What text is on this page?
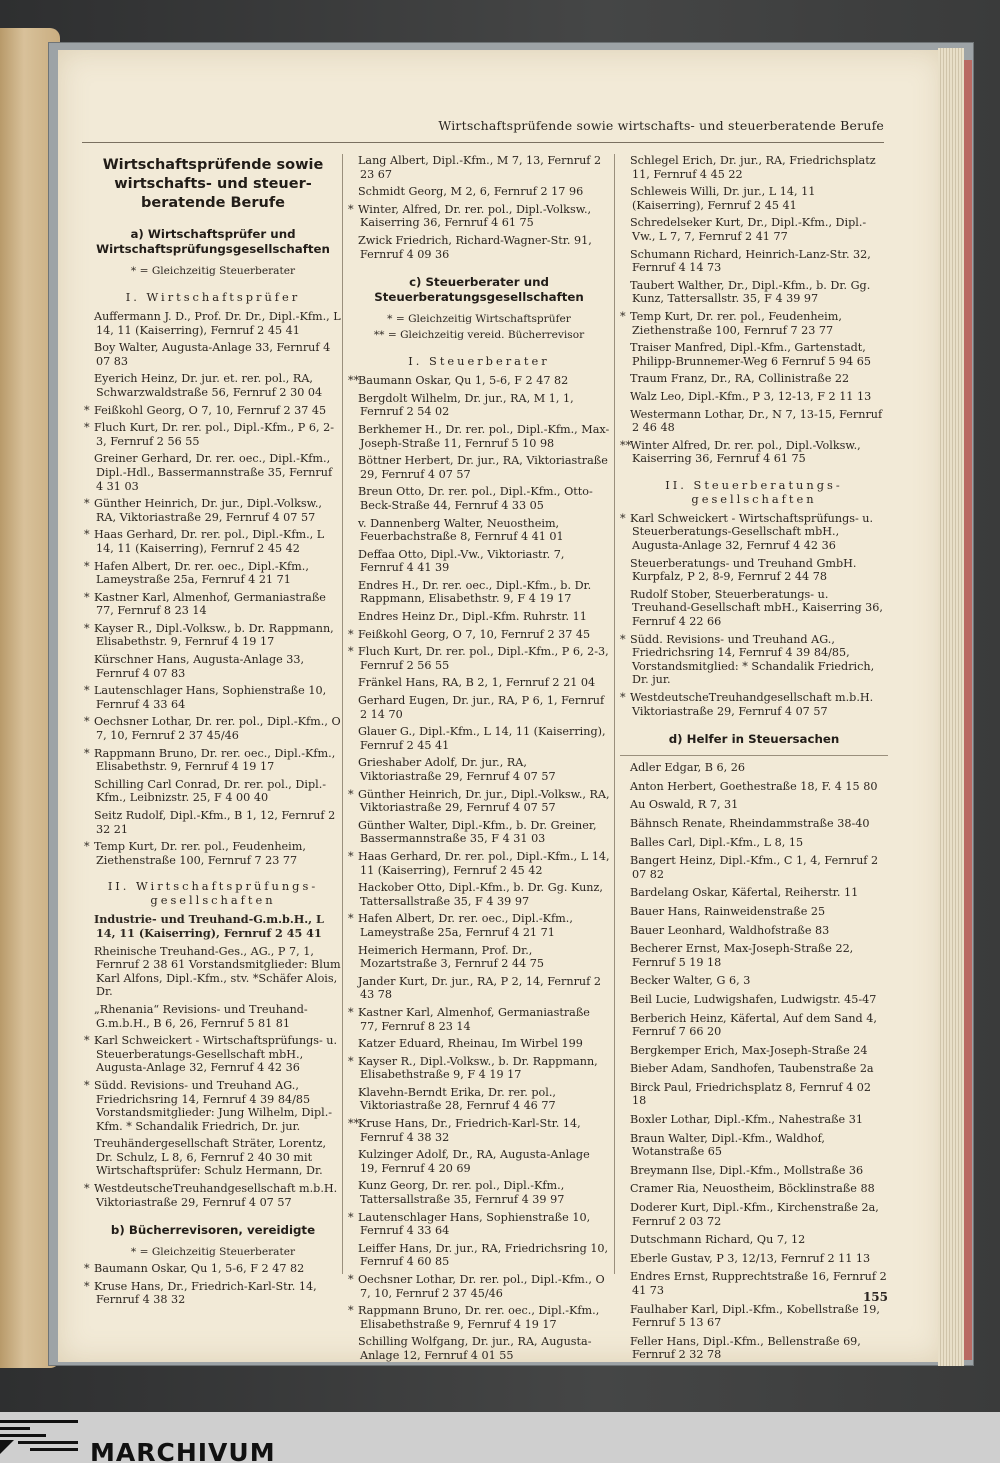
Wirtschaftsprüfende sowie wirtschafts- und steuerberatende Berufe
Wirtschaftsprüfende sowie wirtschafts- und steuer-beratende Berufe
a) Wirtschaftsprüfer und Wirtschaftsprüfungsgesellschaften
* = Gleichzeitig Steuerberater
I. Wirtschaftsprüfer
Auffermann J. D., Prof. Dr. Dr., Dipl.-Kfm., L 14, 11 (Kaiserring), Fernruf 2 45 41
Boy Walter, Augusta-Anlage 33, Fernruf 4 07 83
Eyerich Heinz, Dr. jur. et. rer. pol., RA, Schwarzwaldstraße 56, Fernruf 2 30 04
* Feißkohl Georg, O 7, 10, Fernruf 2 37 45
* Fluch Kurt, Dr. rer. pol., Dipl.-Kfm., P 6, 2-3, Fernruf 2 56 55
Greiner Gerhard, Dr. rer. oec., Dipl.-Kfm., Dipl.-Hdl., Bassermannstraße 35, Fernruf 4 31 03
* Günther Heinrich, Dr. jur., Dipl.-Volksw., RA, Viktoriastraße 29, Fernruf 4 07 57
* Haas Gerhard, Dr. rer. pol., Dipl.-Kfm., L 14, 11 (Kaiserring), Fernruf 2 45 42
* Hafen Albert, Dr. rer. oec., Dipl.-Kfm., Lameystraße 25a, Fernruf 4 21 71
* Kastner Karl, Almenhof, Germaniastraße 77, Fernruf 8 23 14
* Kayser R., Dipl.-Volksw., b. Dr. Rappmann, Elisabethstr. 9, Fernruf 4 19 17
Kürschner Hans, Augusta-Anlage 33, Fernruf 4 07 83
* Lautenschlager Hans, Sophienstraße 10, Fernruf 4 33 64
* Oechsner Lothar, Dr. rer. pol., Dipl.-Kfm., O 7, 10, Fernruf 2 37 45/46
* Rappmann Bruno, Dr. rer. oec., Dipl.-Kfm., Elisabethstr. 9, Fernruf 4 19 17
Schilling Carl Conrad, Dr. rer. pol., Dipl.-Kfm., Leibnizstr. 25, F 4 00 40
Seitz Rudolf, Dipl.-Kfm., B 1, 12, Fernruf 2 32 21
* Temp Kurt, Dr. rer. pol., Feudenheim, Ziethenstraße 100, Fernruf 7 23 77
II. Wirtschaftsprüfungs-gesellschaften
Industrie- und Treuhand-G.m.b.H., L 14, 11 (Kaiserring), Fernruf 2 45 41
Rheinische Treuhand-Ges., AG., P 7, 1, Fernruf 2 38 61 Vorstandsmitglieder: Blum Karl Alfons, Dipl.-Kfm., stv. *Schäfer Alois, Dr.
„Rhenania“ Revisions- und Treuhand-G.m.b.H., B 6, 26, Fernruf 5 81 81
* Karl Schweickert - Wirtschaftsprüfungs- u. Steuerberatungs-Gesellschaft mbH., Augusta-Anlage 32, Fernruf 4 42 36
* Südd. Revisions- und Treuhand AG., Friedrichsring 14, Fernruf 4 39 84/85 Vorstandsmitglieder: Jung Wilhelm, Dipl.-Kfm. * Schandalik Friedrich, Dr. jur.
Treuhändergesellschaft Sträter, Lorentz, Dr. Schulz, L 8, 6, Fernruf 2 40 30 mit Wirtschaftsprüfer: Schulz Hermann, Dr.
* WestdeutscheTreuhandgesellschaft m.b.H. Viktoriastraße 29, Fernruf 4 07 57
b) Bücherrevisoren, vereidigte
* = Gleichzeitig Steuerberater
* Baumann Oskar, Qu 1, 5-6, F 2 47 82
* Kruse Hans, Dr., Friedrich-Karl-Str. 14, Fernruf 4 38 32
Lang Albert, Dipl.-Kfm., M 7, 13, Fernruf 2 23 67
Schmidt Georg, M 2, 6, Fernruf 2 17 96
* Winter, Alfred, Dr. rer. pol., Dipl.-Volksw., Kaiserring 36, Fernruf 4 61 75
Zwick Friedrich, Richard-Wagner-Str. 91, Fernruf 4 09 36
c) Steuerberater und Steuerberatungsgesellschaften
* = Gleichzeitig Wirtschaftsprüfer
** = Gleichzeitig vereid. Bücherrevisor
I. Steuerberater
**Baumann Oskar, Qu 1, 5-6, F 2 47 82
Bergdolt Wilhelm, Dr. jur., RA, M 1, 1, Fernruf 2 54 02
Berkhemer H., Dr. rer. pol., Dipl.-Kfm., Max-Joseph-Straße 11, Fernruf 5 10 98
Böttner Herbert, Dr. jur., RA, Viktoriastraße 29, Fernruf 4 07 57
Breun Otto, Dr. rer. pol., Dipl.-Kfm., Otto-Beck-Straße 44, Fernruf 4 33 05
v. Dannenberg Walter, Neuostheim, Feuerbachstraße 8, Fernruf 4 41 01
Deffaa Otto, Dipl.-Vw., Viktoriastr. 7, Fernruf 4 41 39
Endres H., Dr. rer. oec., Dipl.-Kfm., b. Dr. Rappmann, Elisabethstr. 9, F 4 19 17
Endres Heinz Dr., Dipl.-Kfm. Ruhrstr. 11
* Feißkohl Georg, O 7, 10, Fernruf 2 37 45
* Fluch Kurt, Dr. rer. pol., Dipl.-Kfm., P 6, 2-3, Fernruf 2 56 55
Fränkel Hans, RA, B 2, 1, Fernruf 2 21 04
Gerhard Eugen, Dr. jur., RA, P 6, 1, Fernruf 2 14 70
Glauer G., Dipl.-Kfm., L 14, 11 (Kaiserring), Fernruf 2 45 41
Grieshaber Adolf, Dr. jur., RA, Viktoriastraße 29, Fernruf 4 07 57
* Günther Heinrich, Dr. jur., Dipl.-Volksw., RA, Viktoriastraße 29, Fernruf 4 07 57
Günther Walter, Dipl.-Kfm., b. Dr. Greiner, Bassermannstraße 35, F 4 31 03
* Haas Gerhard, Dr. rer. pol., Dipl.-Kfm., L 14, 11 (Kaiserring), Fernruf 2 45 42
Hackober Otto, Dipl.-Kfm., b. Dr. Gg. Kunz, Tattersallstraße 35, F 4 39 97
* Hafen Albert, Dr. rer. oec., Dipl.-Kfm., Lameystraße 25a, Fernruf 4 21 71
Heimerich Hermann, Prof. Dr., Mozartstraße 3, Fernruf 2 44 75
Jander Kurt, Dr. jur., RA, P 2, 14, Fernruf 2 43 78
* Kastner Karl, Almenhof, Germaniastraße 77, Fernruf 8 23 14
Katzer Eduard, Rheinau, Im Wirbel 199
* Kayser R., Dipl.-Volksw., b. Dr. Rappmann, Elisabethstraße 9, F 4 19 17
Klavehn-Berndt Erika, Dr. rer. pol., Viktoriastraße 28, Fernruf 4 46 77
**Kruse Hans, Dr., Friedrich-Karl-Str. 14, Fernruf 4 38 32
Kulzinger Adolf, Dr., RA, Augusta-Anlage 19, Fernruf 4 20 69
Kunz Georg, Dr. rer. pol., Dipl.-Kfm., Tattersallstraße 35, Fernruf 4 39 97
* Lautenschlager Hans, Sophienstraße 10, Fernruf 4 33 64
Leiffer Hans, Dr. jur., RA, Friedrichsring 10, Fernruf 4 60 85
* Oechsner Lothar, Dr. rer. pol., Dipl.-Kfm., O 7, 10, Fernruf 2 37 45/46
* Rappmann Bruno, Dr. rer. oec., Dipl.-Kfm., Elisabethstraße 9, Fernruf 4 19 17
Schilling Wolfgang, Dr. jur., RA, Augusta-Anlage 12, Fernruf 4 01 55
Schlegel Erich, Dr. jur., RA, Friedrichsplatz 11, Fernruf 4 45 22
Schleweis Willi, Dr. jur., L 14, 11 (Kaiserring), Fernruf 2 45 41
Schredelseker Kurt, Dr., Dipl.-Kfm., Dipl.-Vw., L 7, 7, Fernruf 2 41 77
Schumann Richard, Heinrich-Lanz-Str. 32, Fernruf 4 14 73
Taubert Walther, Dr., Dipl.-Kfm., b. Dr. Gg. Kunz, Tattersallstr. 35, F 4 39 97
* Temp Kurt, Dr. rer. pol., Feudenheim, Ziethenstraße 100, Fernruf 7 23 77
Traiser Manfred, Dipl.-Kfm., Gartenstadt, Philipp-Brunnemer-Weg 6 Fernruf 5 94 65
Traum Franz, Dr., RA, Collinistraße 22
Walz Leo, Dipl.-Kfm., P 3, 12-13, F 2 11 13
Westermann Lothar, Dr., N 7, 13-15, Fernruf 2 46 48
**Winter Alfred, Dr. rer. pol., Dipl.-Volksw., Kaiserring 36, Fernruf 4 61 75
II. Steuerberatungs-gesellschaften
* Karl Schweickert - Wirtschaftsprüfungs- u. Steuerberatungs-Gesellschaft mbH., Augusta-Anlage 32, Fernruf 4 42 36
Steuerberatungs- und Treuhand GmbH. Kurpfalz, P 2, 8-9, Fernruf 2 44 78
Rudolf Stober, Steuerberatungs- u. Treuhand-Gesellschaft mbH., Kaiserring 36, Fernruf 4 22 66
* Südd. Revisions- und Treuhand AG., Friedrichsring 14, Fernruf 4 39 84/85, Vorstandsmitglied: * Schandalik Friedrich, Dr. jur.
* WestdeutscheTreuhandgesellschaft m.b.H. Viktoriastraße 29, Fernruf 4 07 57
d) Helfer in Steuersachen
Adler Edgar, B 6, 26
Anton Herbert, Goethestraße 18, F. 4 15 80
Au Oswald, R 7, 31
Bähnsch Renate, Rheindammstraße 38-40
Balles Carl, Dipl.-Kfm., L 8, 15
Bangert Heinz, Dipl.-Kfm., C 1, 4, Fernruf 2 07 82
Bardelang Oskar, Käfertal, Reiherstr. 11
Bauer Hans, Rainweidenstraße 25
Bauer Leonhard, Waldhofstraße 83
Becherer Ernst, Max-Joseph-Straße 22, Fernruf 5 19 18
Becker Walter, G 6, 3
Beil Lucie, Ludwigshafen, Ludwigstr. 45-47
Berberich Heinz, Käfertal, Auf dem Sand 4, Fernruf 7 66 20
Bergkemper Erich, Max-Joseph-Straße 24
Bieber Adam, Sandhofen, Taubenstraße 2a
Birck Paul, Friedrichsplatz 8, Fernruf 4 02 18
Boxler Lothar, Dipl.-Kfm., Nahestraße 31
Braun Walter, Dipl.-Kfm., Waldhof, Wotanstraße 65
Breymann Ilse, Dipl.-Kfm., Mollstraße 36
Cramer Ria, Neuostheim, Böcklinstraße 88
Doderer Kurt, Dipl.-Kfm., Kirchenstraße 2a, Fernruf 2 03 72
Dutschmann Richard, Qu 7, 12
Eberle Gustav, P 3, 12/13, Fernruf 2 11 13
Endres Ernst, Rupprechtstraße 16, Fernruf 2 41 73
Faulhaber Karl, Dipl.-Kfm., Kobellstraße 19, Fernruf 5 13 67
Feller Hans, Dipl.-Kfm., Bellenstraße 69, Fernruf 2 32 78
155
MARCHIVUM
